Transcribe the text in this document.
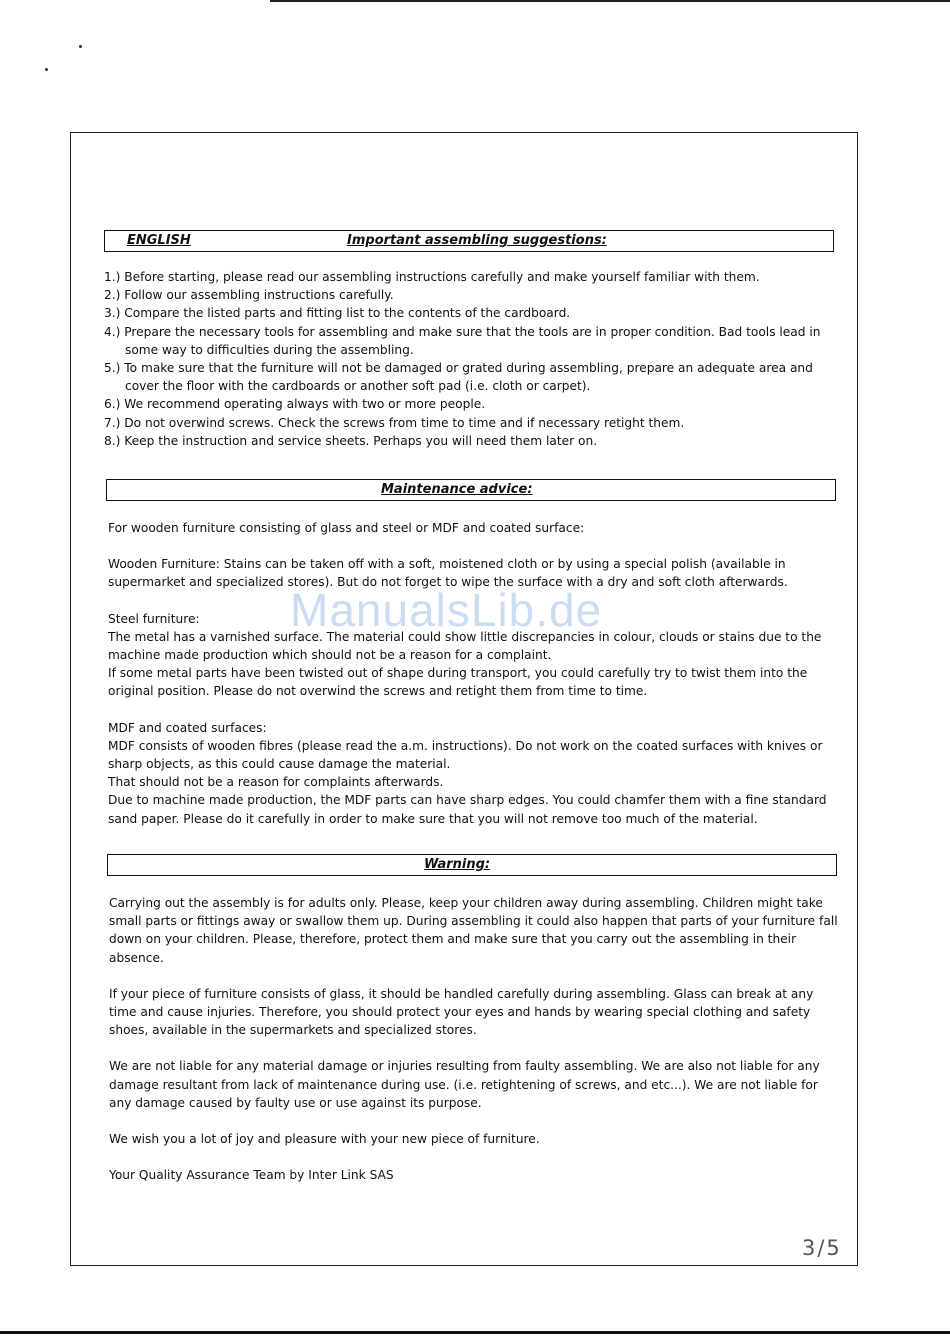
ENGLISH	Important assembling suggestions:
1.) Before starting, please read our assembling instructions carefully and make yourself familiar with them.
2.) Follow our assembling instructions carefully.
3.) Compare the listed parts and fitting list to the contents of the cardboard.
4.) Prepare the necessary tools for assembling and make sure that the tools are in proper condition. Bad tools lead in some way to difficulties during the assembling.
5.) To make sure that the furniture will not be damaged or grated during assembling, prepare an adequate area and cover the floor with the cardboards or another soft pad (i.e. cloth or carpet).
6.) We recommend operating always with two or more people.
7.) Do not overwind screws. Check the screws from time to time and if necessary retight them.
8.) Keep the instruction and service sheets. Perhaps you will need them later on.
Maintenance advice:

For wooden furniture consisting of glass and steel or MDF and coated surface:

Wooden Furniture: Stains can be taken off with a soft, moistened cloth or by using a special polish (available in supermarket and specialized stores). But do not forget to wipe the surface with a dry and soft cloth afterwards.

Steel furniture:

The metal has a varnished surface. The material could show little discrepancies in colour, clouds or stains due to the machine made production which should not be a reason for a complaint.

If some metal parts have been twisted out of shape during transport, you could carefully try to twist them into the original position. Please do not overwind the screws and retight them from time to time.

MDF and coated surfaces:

MDF consists of wooden fibres (please read the a.m. instructions). Do not work on the coated surfaces with knives or sharp objects, as this could cause damage the material.

That should not be a reason for complaints afterwards.

Due to machine made production, the MDF parts can have sharp edges. You could chamfer them with a fine standard sand paper. Please do it carefully in order to make sure that you will not remove too much of the material.

Warning:

Carrying out the assembly is for adults only. Please, keep your children away during assembling. Children might take small parts or fittings away or swallow them up. During assembling it could also happen that parts of your furniture fall down on your children. Please, therefore, protect them and make sure that you carry out the assembling in their absence.

If your piece of furniture consists of glass, it should be handled carefully during assembling. Glass can break at any time and cause injuries. Therefore, you should protect your eyes and hands by wearing special clothing and safety shoes, available in the supermarkets and specialized stores.

We are not liable for any material damage or injuries resulting from faulty assembling. We are also not liable for any damage resultant from lack of maintenance during use. (i.e. retightening of screws, and etc...). We are not liable for any damage caused by faulty use or use against its purpose.

We wish you a lot of joy and pleasure with your new piece of furniture.

Your Quality Assurance Team by Inter Link SAS

ManualsLib.de
3/5
